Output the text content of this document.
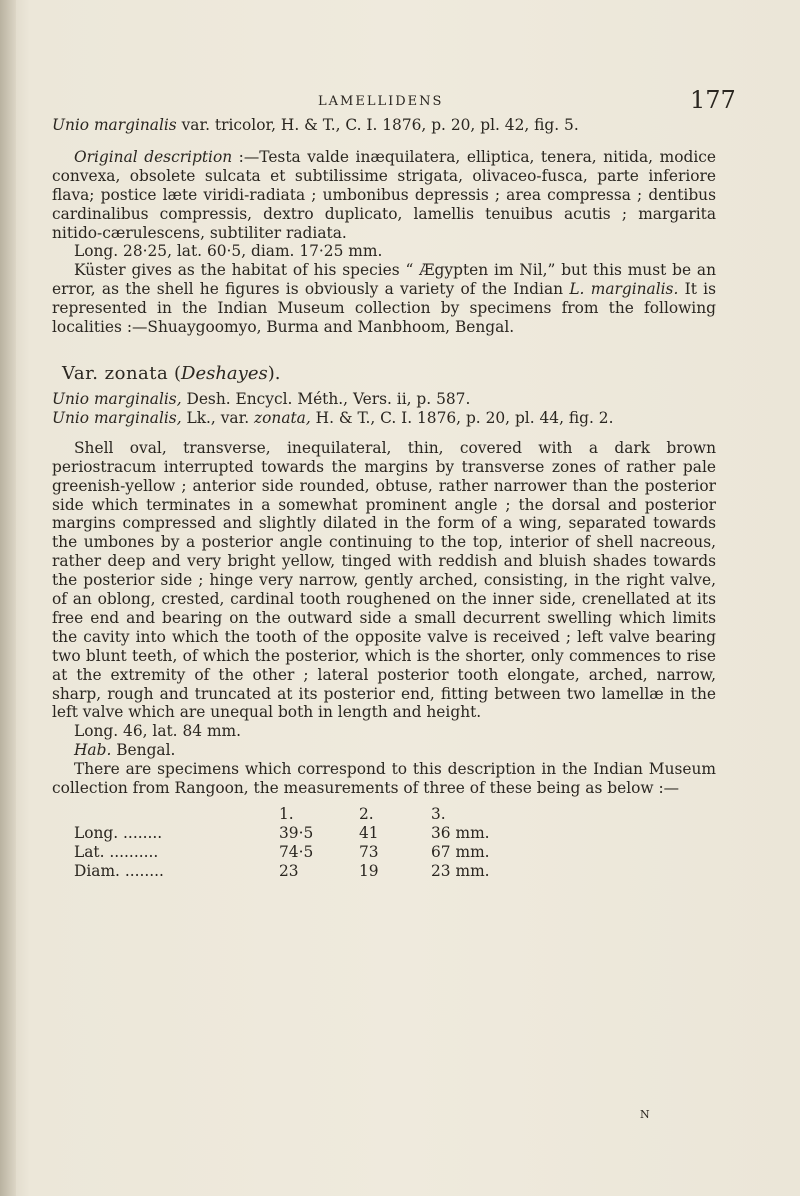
LAMELLIDENS	177

Unio marginalis var. tricolor, H. & T., C. I. 1876, p. 20, pl. 42, fig. 5.

Original description :—Testa valde inæquilatera, elliptica, tenera, nitida, modice convexa, obsolete sulcata et subtilissime strigata, olivaceo-fusca, parte inferiore flava; postice læte viridi-radiata ; umbonibus depressis ; area compressa ; dentibus cardinalibus compressis, dextro duplicato, lamellis tenuibus acutis ; margarita nitido-cærulescens, subtiliter radiata.

Long. 28·25, lat. 60·5, diam. 17·25 mm.

Küster gives as the habitat of his species “ Ægypten im Nil,” but this must be an error, as the shell he figures is obviously a variety of the Indian L. marginalis. It is represented in the Indian Museum collection by specimens from the following localities :—Shuaygoomyo, Burma and Manbhoom, Bengal.

Var. zonata (Deshayes).

Unio marginalis, Desh. Encycl. Méth., Vers. ii, p. 587.

Unio marginalis, Lk., var. zonata, H. & T., C. I. 1876, p. 20, pl. 44, fig. 2.

Shell oval, transverse, inequilateral, thin, covered with a dark brown periostracum interrupted towards the margins by transverse zones of rather pale greenish-yellow ; anterior side rounded, obtuse, rather narrower than the posterior side which terminates in a somewhat prominent angle ; the dorsal and posterior margins compressed and slightly dilated in the form of a wing, separated towards the umbones by a posterior angle continuing to the top, interior of shell nacreous, rather deep and very bright yellow, tinged with reddish and bluish shades towards the posterior side ; hinge very narrow, gently arched, consisting, in the right valve, of an oblong, crested, cardinal tooth roughened on the inner side, crenellated at its free end and bearing on the outward side a small decurrent swelling which limits the cavity into which the tooth of the opposite valve is received ; left valve bearing two blunt teeth, of which the posterior, which is the shorter, only commences to rise at the extremity of the other ; lateral posterior tooth elongate, arched, narrow, sharp, rough and truncated at its posterior end, fitting between two lamellæ in the left valve which are unequal both in length and height.

Long. 46, lat. 84 mm.

Hab. Bengal.

There are specimens which correspond to this description in the Indian Museum collection from Rangoon, the measurements of three of these being as below :—

	1.	2.	3.
Long. ........	39·5	41	36 mm.
Lat. ..........	74·5	73	67 mm.
Diam. ........	23	19	23 mm.
N
